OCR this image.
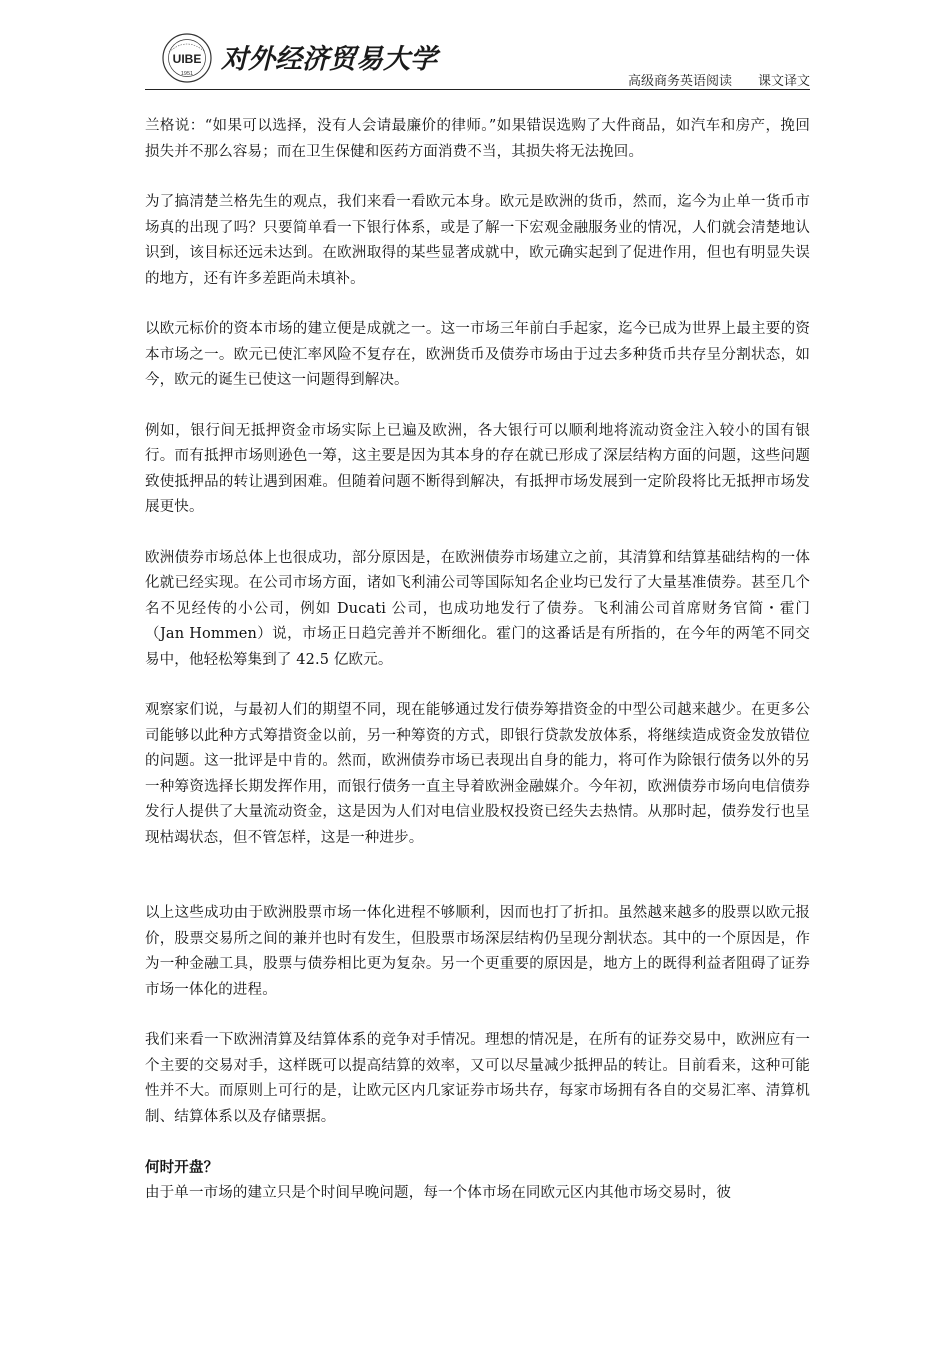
UIBE
1951 对外经济贸易大学
高级商务英语阅读 课文译文

兰格说：“如果可以选择，没有人会请最廉价的律师。”如果错误选购了大件商品，如汽车和房产，挽回损失并不那么容易；而在卫生保健和医药方面消费不当，其损失将无法挽回。

为了搞清楚兰格先生的观点，我们来看一看欧元本身。欧元是欧洲的货币，然而，迄今为止单一货币市场真的出现了吗？只要简单看一下银行体系，或是了解一下宏观金融服务业的情况，人们就会清楚地认识到，该目标还远未达到。在欧洲取得的某些显著成就中，欧元确实起到了促进作用，但也有明显失误的地方，还有许多差距尚未填补。

以欧元标价的资本市场的建立便是成就之一。这一市场三年前白手起家，迄今已成为世界上最主要的资本市场之一。欧元已使汇率风险不复存在，欧洲货币及债券市场由于过去多种货币共存呈分割状态，如今，欧元的诞生已使这一问题得到解决。

例如，银行间无抵押资金市场实际上已遍及欧洲，各大银行可以顺利地将流动资金注入较小的国有银行。而有抵押市场则逊色一筹，这主要是因为其本身的存在就已形成了深层结构方面的问题，这些问题致使抵押品的转让遇到困难。但随着问题不断得到解决，有抵押市场发展到一定阶段将比无抵押市场发展更快。

欧洲债券市场总体上也很成功，部分原因是，在欧洲债券市场建立之前，其清算和结算基础结构的一体化就已经实现。在公司市场方面，诸如飞利浦公司等国际知名企业均已发行了大量基准债券。甚至几个名不见经传的小公司，例如 Ducati 公司，也成功地发行了债券。飞利浦公司首席财务官简・霍门（Jan Hommen）说，市场正日趋完善并不断细化。霍门的这番话是有所指的，在今年的两笔不同交易中，他轻松筹集到了 42.5 亿欧元。

观察家们说，与最初人们的期望不同，现在能够通过发行债券筹措资金的中型公司越来越少。在更多公司能够以此种方式筹措资金以前，另一种筹资的方式，即银行贷款发放体系，将继续造成资金发放错位的问题。这一批评是中肯的。然而，欧洲债券市场已表现出自身的能力，将可作为除银行债务以外的另一种筹资选择长期发挥作用，而银行债务一直主导着欧洲金融媒介。今年初，欧洲债券市场向电信债券发行人提供了大量流动资金，这是因为人们对电信业股权投资已经失去热情。从那时起，债券发行也呈现枯竭状态，但不管怎样，这是一种进步。

以上这些成功由于欧洲股票市场一体化进程不够顺利，因而也打了折扣。虽然越来越多的股票以欧元报价，股票交易所之间的兼并也时有发生，但股票市场深层结构仍呈现分割状态。其中的一个原因是，作为一种金融工具，股票与债券相比更为复杂。另一个更重要的原因是，地方上的既得利益者阻碍了证券市场一体化的进程。

我们来看一下欧洲清算及结算体系的竞争对手情况。理想的情况是，在所有的证券交易中，欧洲应有一个主要的交易对手，这样既可以提高结算的效率，又可以尽量减少抵押品的转让。目前看来，这种可能性并不大。而原则上可行的是，让欧元区内几家证券市场共存，每家市场拥有各自的交易汇率、清算机制、结算体系以及存储票据。

何时开盘？

由于单一市场的建立只是个时间早晚问题，每一个体市场在同欧元区内其他市场交易时，彼
